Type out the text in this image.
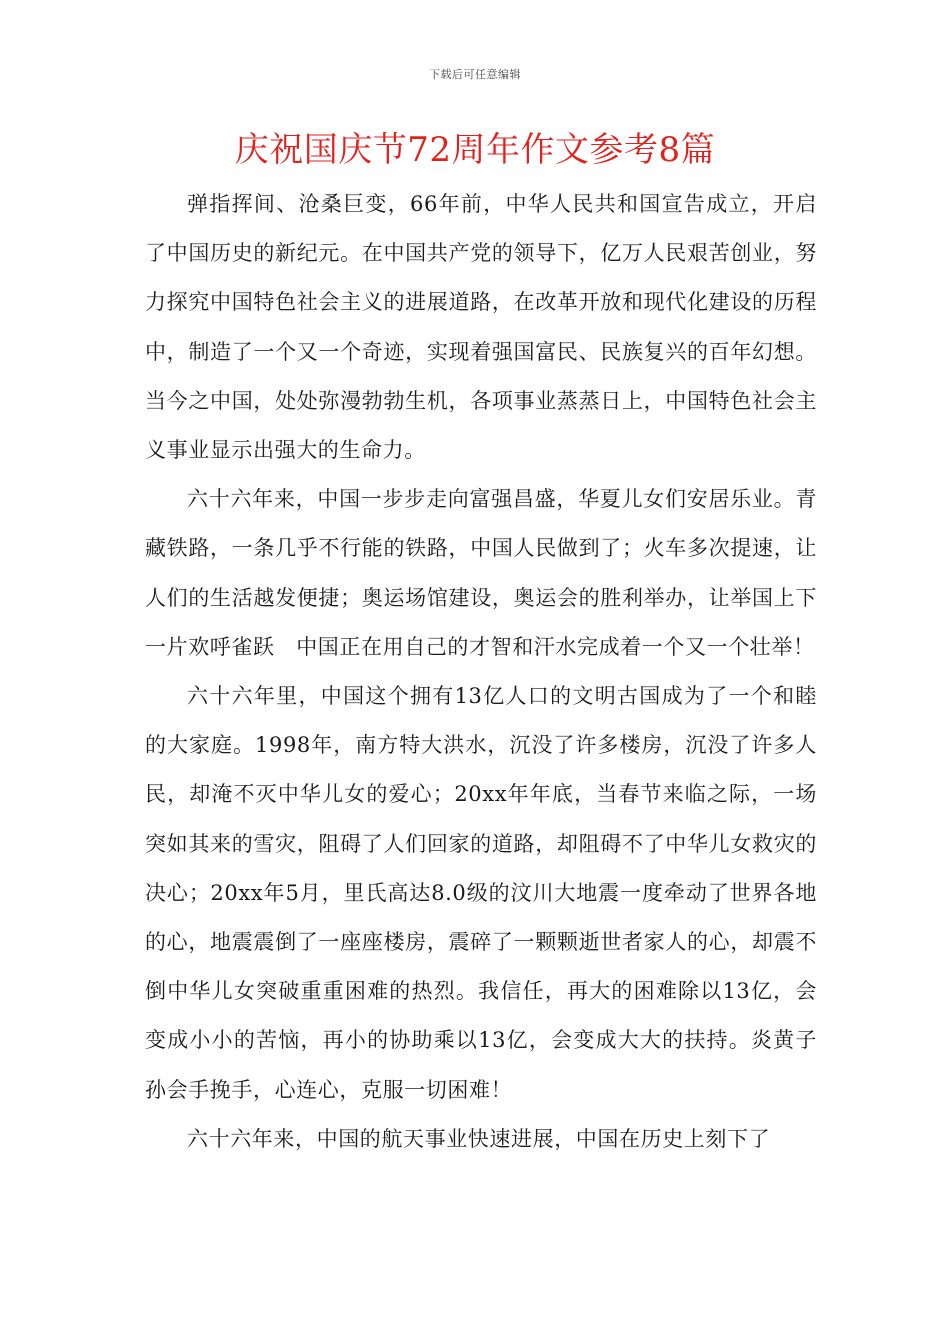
下载后可任意编辑
庆祝国庆节72周年作文参考8篇

弹指挥间、沧桑巨变，66年前，中华人民共和国宣告成立，开启了中国历史的新纪元。在中国共产党的领导下，亿万人民艰苦创业，努力探究中国特色社会主义的进展道路，在改革开放和现代化建设的历程中，制造了一个又一个奇迹，实现着强国富民、民族复兴的百年幻想。当今之中国，处处弥漫勃勃生机，各项事业蒸蒸日上，中国特色社会主义事业显示出强大的生命力。

六十六年来，中国一步步走向富强昌盛，华夏儿女们安居乐业。青藏铁路，一条几乎不行能的铁路，中国人民做到了；火车多次提速，让人们的生活越发便捷；奥运场馆建设，奥运会的胜利举办，让举国上下一片欢呼雀跃　中国正在用自己的才智和汗水完成着一个又一个壮举！

六十六年里，中国这个拥有13亿人口的文明古国成为了一个和睦的大家庭。1998年，南方特大洪水，沉没了许多楼房，沉没了许多人民，却淹不灭中华儿女的爱心；20xx年年底，当春节来临之际，一场突如其来的雪灾，阻碍了人们回家的道路，却阻碍不了中华儿女救灾的决心；20xx年5月，里氏高达8.0级的汶川大地震一度牵动了世界各地的心，地震震倒了一座座楼房，震碎了一颗颗逝世者家人的心，却震不倒中华儿女突破重重困难的热烈。我信任，再大的困难除以13亿，会变成小小的苦恼，再小的协助乘以13亿，会变成大大的扶持。炎黄子孙会手挽手，心连心，克服一切困难！

六十六年来，中国的航天事业快速进展，中国在历史上刻下了
